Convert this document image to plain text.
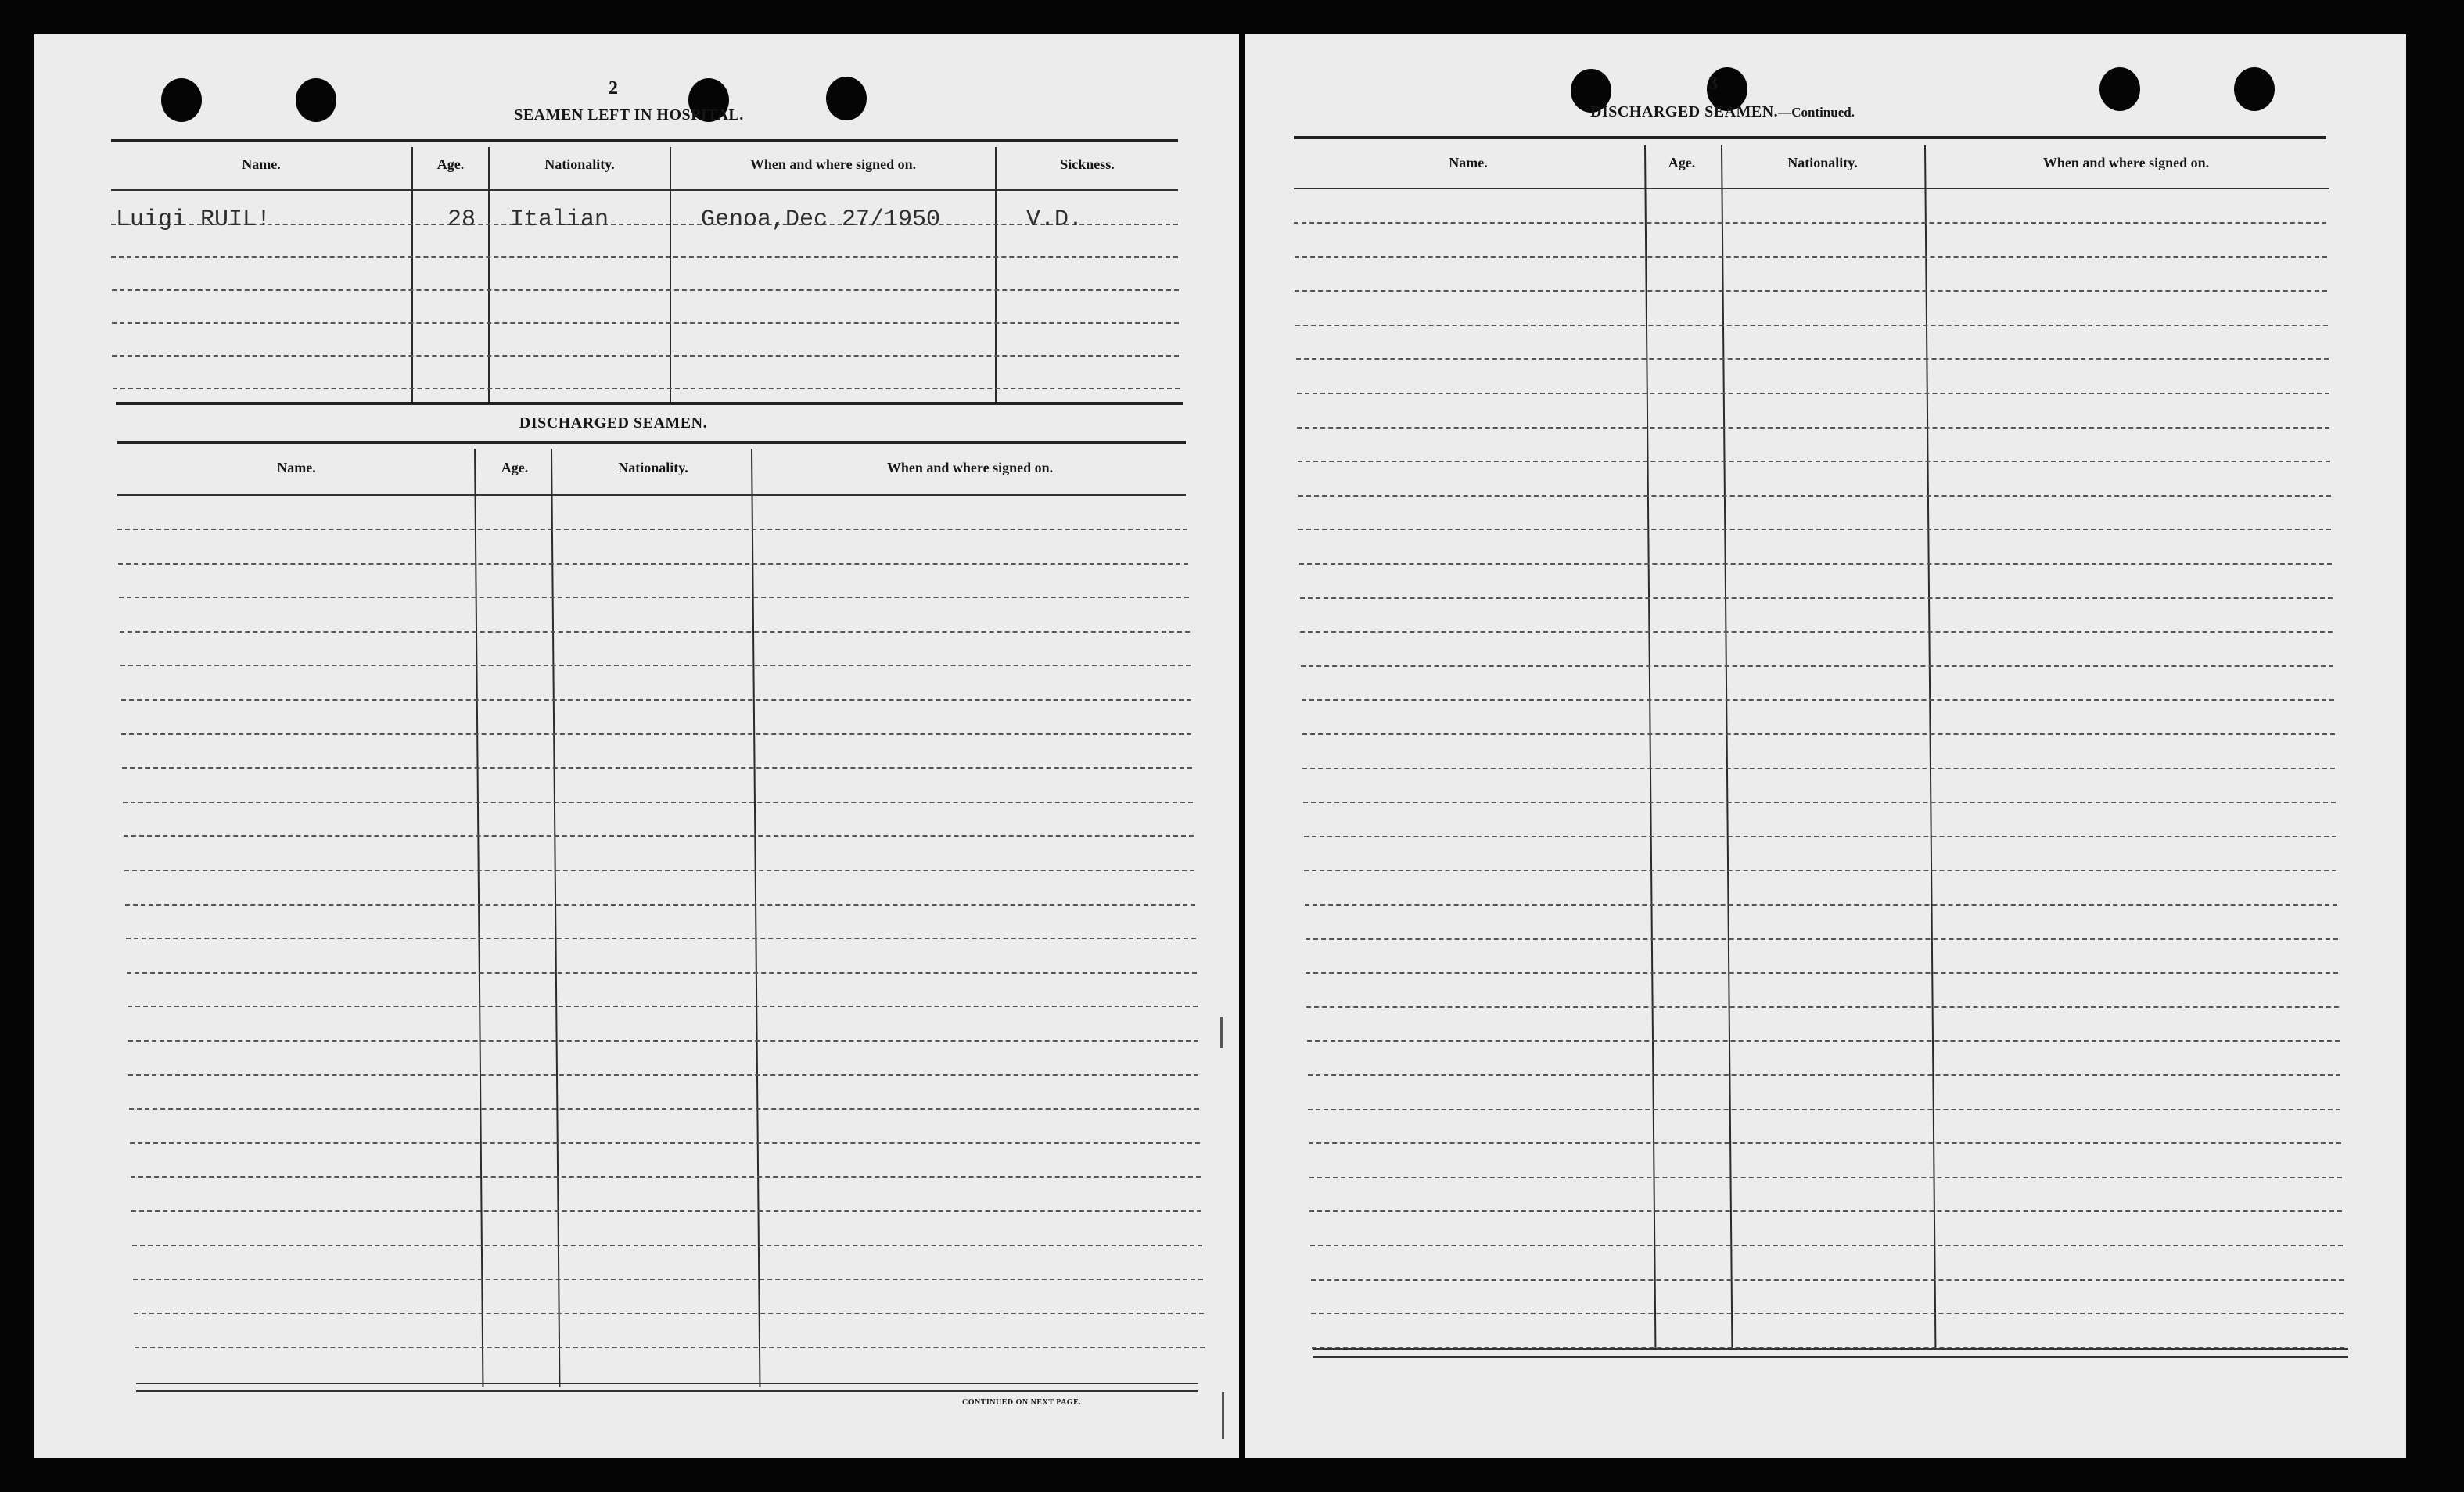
2
SEAMEN LEFT IN HOSPITAL.
Name.	Age.	Nationality.	When and where signed on.	Sickness.
Luigi RUIL!	28 Italian	Genoa,Dec 27/1950	V.D.
DISCHARGED SEAMEN.
Name.	Age.	Nationality.	When and where signed on.
CONTINUED ON NEXT PAGE.
3
DISCHARGED SEAMEN.—Continued.
Name.	Age.	Nationality.	When and where signed on.
